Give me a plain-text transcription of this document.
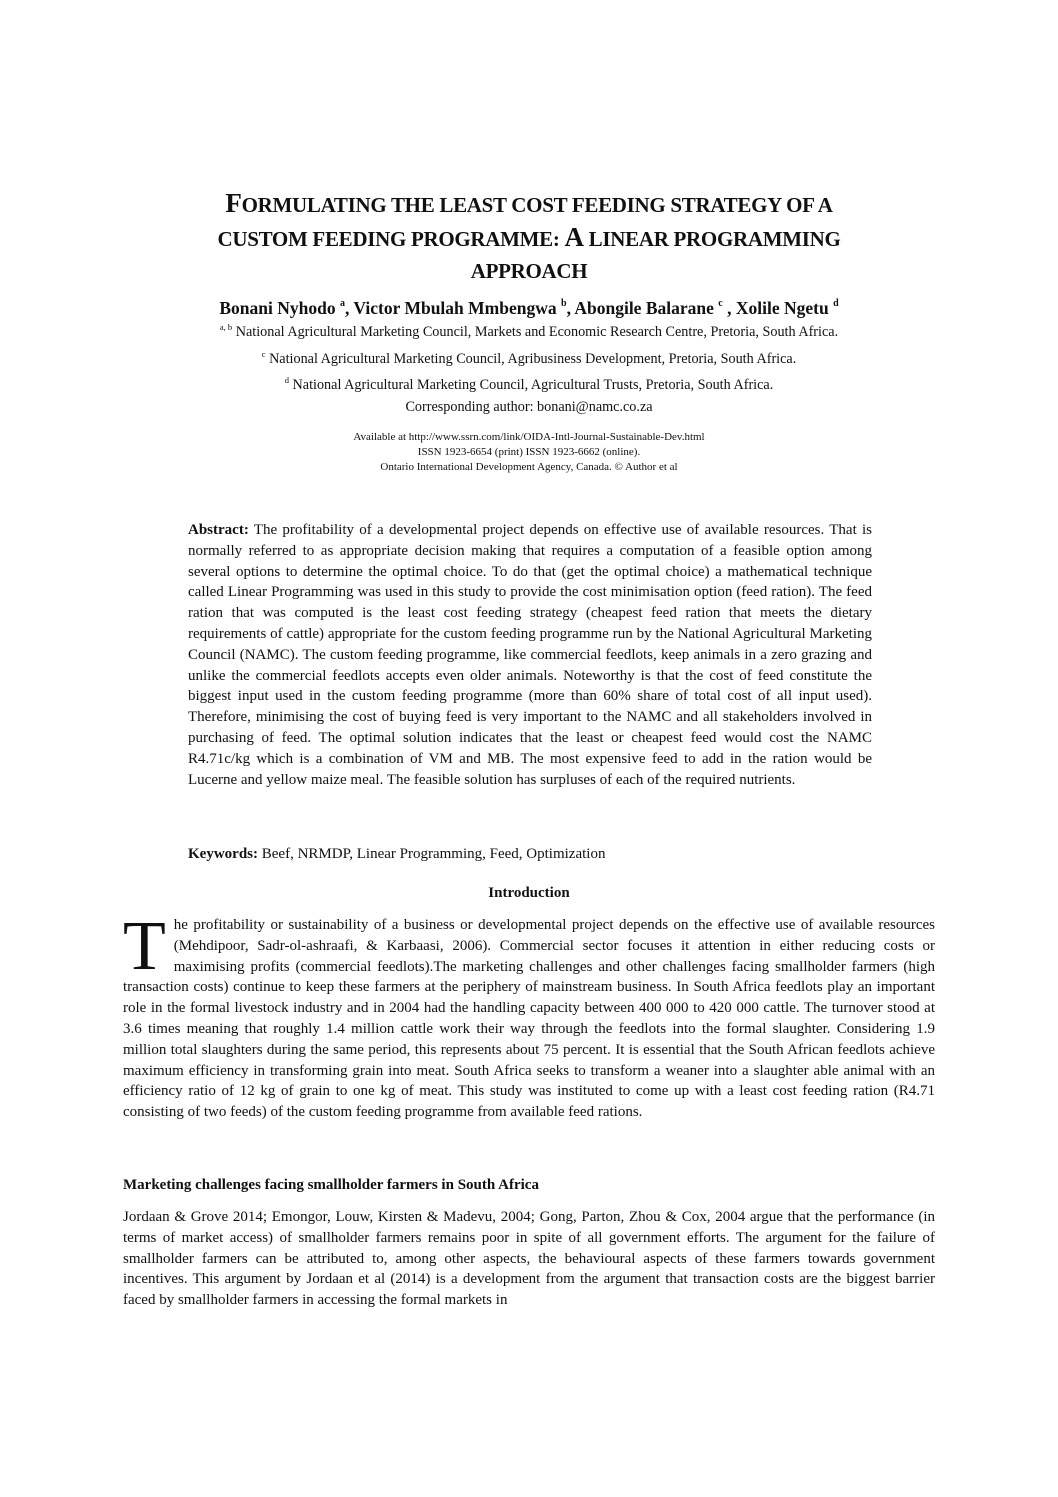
FORMULATING THE LEAST COST FEEDING STRATEGY OF A
CUSTOM FEEDING PROGRAMME: A LINEAR PROGRAMMING
APPROACH
Bonani Nyhodo $^a$, Victor Mbulah Mmbengwa $^b$, Abongile Balarane $^c$ , Xolile Ngetu $^d$
$^{a, b}$ National Agricultural Marketing Council, Markets and Economic Research Centre, Pretoria, South Africa.
$^c$ National Agricultural Marketing Council, Agribusiness Development, Pretoria, South Africa.
$^d$ National Agricultural Marketing Council, Agricultural Trusts, Pretoria, South Africa.
Corresponding author: bonani@namc.co.za
Available at http://www.ssrn.com/link/OIDA-Intl-Journal-Sustainable-Dev.html
ISSN 1923-6654 (print) ISSN 1923-6662 (online).
Ontario International Development Agency, Canada. © Author et al
Abstract: The profitability of a developmental project depends on effective use of available resources. That is normally referred to as appropriate decision making that requires a computation of a feasible option among several options to determine the optimal choice. To do that (get the optimal choice) a mathematical technique called Linear Programming was used in this study to provide the cost minimisation option (feed ration). The feed ration that was computed is the least cost feeding strategy (cheapest feed ration that meets the dietary requirements of cattle) appropriate for the custom feeding programme run by the National Agricultural Marketing Council (NAMC). The custom feeding programme, like commercial feedlots, keep animals in a zero grazing and unlike the commercial feedlots accepts even older animals. Noteworthy is that the cost of feed constitute the biggest input used in the custom feeding programme (more than 60% share of total cost of all input used). Therefore, minimising the cost of buying feed is very important to the NAMC and all stakeholders involved in purchasing of feed. The optimal solution indicates that the least or cheapest feed would cost the NAMC R4.71c/kg which is a combination of VM and MB. The most expensive feed to add in the ration would be Lucerne and yellow maize meal. The feasible solution has surpluses of each of the required nutrients.
Keywords: Beef, NRMDP, Linear Programming, Feed, Optimization
Introduction
The profitability or sustainability of a business or developmental project depends on the effective use of available resources (Mehdipoor, Sadr-ol-ashraafi, & Karbaasi, 2006). Commercial sector focuses it attention in either reducing costs or maximising profits (commercial feedlots).The marketing challenges and other challenges facing smallholder farmers (high transaction costs) continue to keep these farmers at the periphery of mainstream business. In South Africa feedlots play an important role in the formal livestock industry and in 2004 had the handling capacity between 400 000 to 420 000 cattle. The turnover stood at 3.6 times meaning that roughly 1.4 million cattle work their way through the feedlots into the formal slaughter. Considering 1.9 million total slaughters during the same period, this represents about 75 percent. It is essential that the South African feedlots achieve maximum efficiency in transforming grain into meat. South Africa seeks to transform a weaner into a slaughter able animal with an efficiency ratio of 12 kg of grain to one kg of meat. This study was instituted to come up with a least cost feeding ration (R4.71 consisting of two feeds) of the custom feeding programme from available feed rations.
Marketing challenges facing smallholder farmers in South Africa
Jordaan & Grove 2014; Emongor, Louw, Kirsten & Madevu, 2004; Gong, Parton, Zhou & Cox, 2004 argue that the performance (in terms of market access) of smallholder farmers remains poor in spite of all government efforts. The argument for the failure of smallholder farmers can be attributed to, among other aspects, the behavioural aspects of these farmers towards government incentives. This argument by Jordaan et al (2014) is a development from the argument that transaction costs are the biggest barrier faced by smallholder farmers in accessing the formal markets in
